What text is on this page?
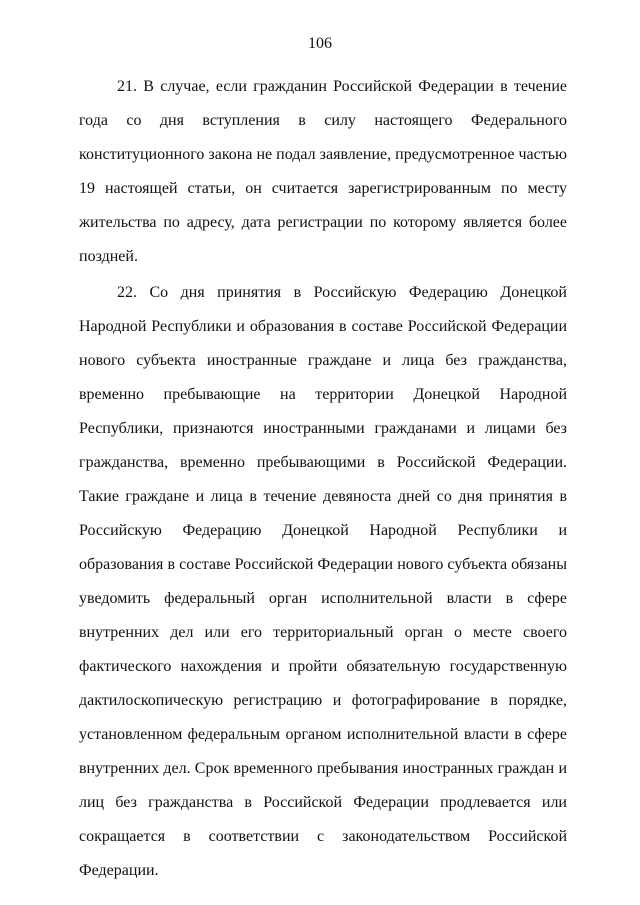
106

21. В случае, если гражданин Российской Федерации в течение года со дня вступления в силу настоящего Федерального конституционного закона не подал заявление, предусмотренное частью 19 настоящей статьи, он считается зарегистрированным по месту жительства по адресу, дата регистрации по которому является более поздней.

22. Со дня принятия в Российскую Федерацию Донецкой Народной Республики и образования в составе Российской Федерации нового субъекта иностранные граждане и лица без гражданства, временно пребывающие на территории Донецкой Народной Республики, признаются иностранными гражданами и лицами без гражданства, временно пребывающими в Российской Федерации. Такие граждане и лица в течение девяноста дней со дня принятия в Российскую Федерацию Донецкой Народной Республики и образования в составе Российской Федерации нового субъекта обязаны уведомить федеральный орган исполнительной власти в сфере внутренних дел или его территориальный орган о месте своего фактического нахождения и пройти обязательную государственную дактилоскопическую регистрацию и фотографирование в порядке, установленном федеральным органом исполнительной власти в сфере внутренних дел. Срок временного пребывания иностранных граждан и лиц без гражданства в Российской Федерации продлевается или сокращается в соответствии с законодательством Российской Федерации.
